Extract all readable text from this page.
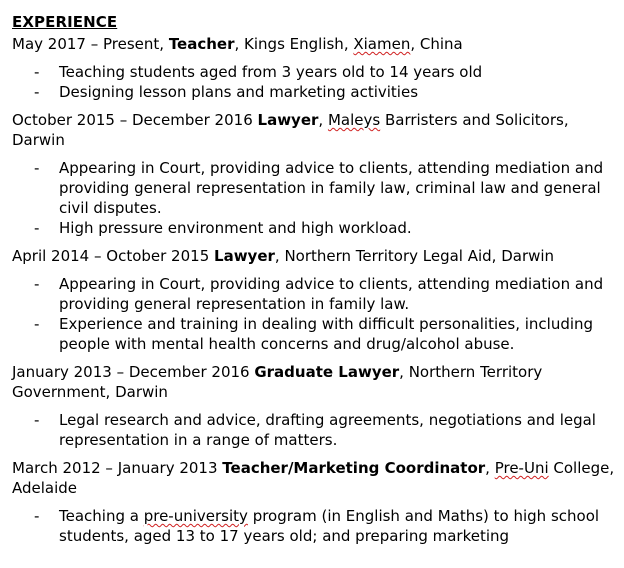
EXPERIENCE

May 2017 – Present, Teacher, Kings English, Xiamen, China

- Teaching students aged from 3 years old to 14 years old
- Designing lesson plans and marketing activities

October 2015 – December 2016 Lawyer, Maleys Barristers and Solicitors, Darwin

- Appearing in Court, providing advice to clients, attending mediation and providing general representation in family law, criminal law and general civil disputes.
- High pressure environment and high workload.

April 2014 – October 2015 Lawyer, Northern Territory Legal Aid, Darwin

- Appearing in Court, providing advice to clients, attending mediation and providing general representation in family law.
- Experience and training in dealing with difficult personalities, including people with mental health concerns and drug/alcohol abuse.

January 2013 – December 2016 Graduate Lawyer, Northern Territory Government, Darwin

- Legal research and advice, drafting agreements, negotiations and legal representation in a range of matters.

March 2012 – January 2013 Teacher/Marketing Coordinator, Pre-Uni College, Adelaide

- Teaching a pre-university program (in English and Maths) to high school students, aged 13 to 17 years old; and preparing marketing
